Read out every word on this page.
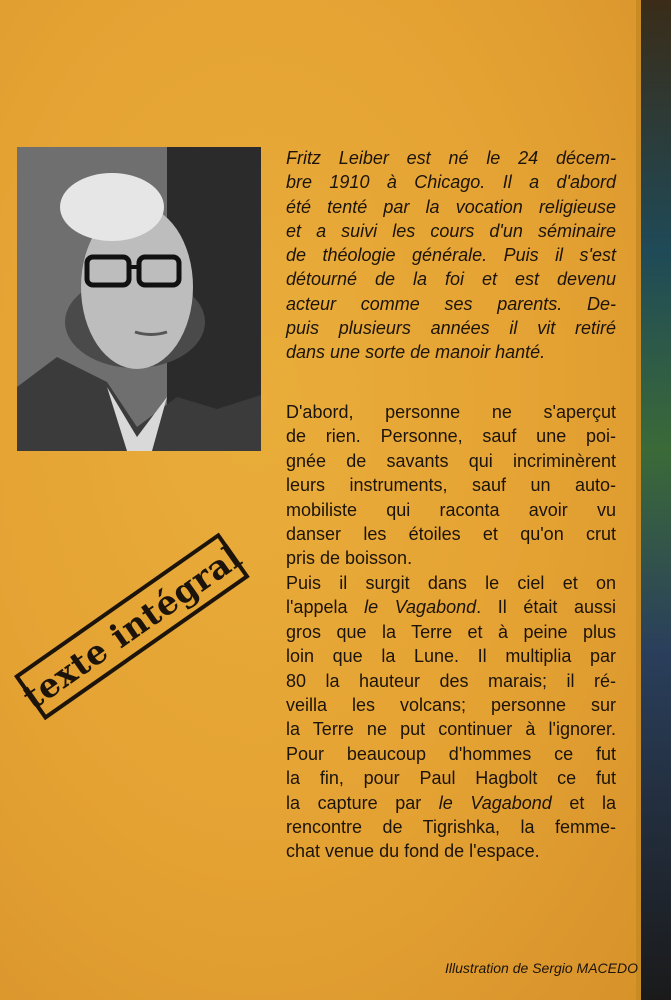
Fritz Leiber est né le 24 décem-
bre 1910 à Chicago. Il a d'abord
été tenté par la vocation religieuse
et a suivi les cours d'un séminaire
de théologie générale. Puis il s'est
détourné de la foi et est devenu
acteur comme ses parents. De-
puis plusieurs années il vit retiré
dans une sorte de manoir hanté.

D'abord, personne ne s'aperçut
de rien. Personne, sauf une poi-
gnée de savants qui incriminèrent
leurs instruments, sauf un auto-
mobiliste qui raconta avoir vu
danser les étoiles et qu'on crut
pris de boisson.

Puis il surgit dans le ciel et on
l'appela le Vagabond. Il était aussi
gros que la Terre et à peine plus
loin que la Lune. Il multiplia par
80 la hauteur des marais; il ré-
veilla les volcans; personne sur
la Terre ne put continuer à l'ignorer.
Pour beaucoup d'hommes ce fut
la fin, pour Paul Hagbolt ce fut
la capture par le Vagabond et la
rencontre de Tigrishka, la femme-
chat venue du fond de l'espace.

texte intégral
Illustration de Sergio MACEDO
